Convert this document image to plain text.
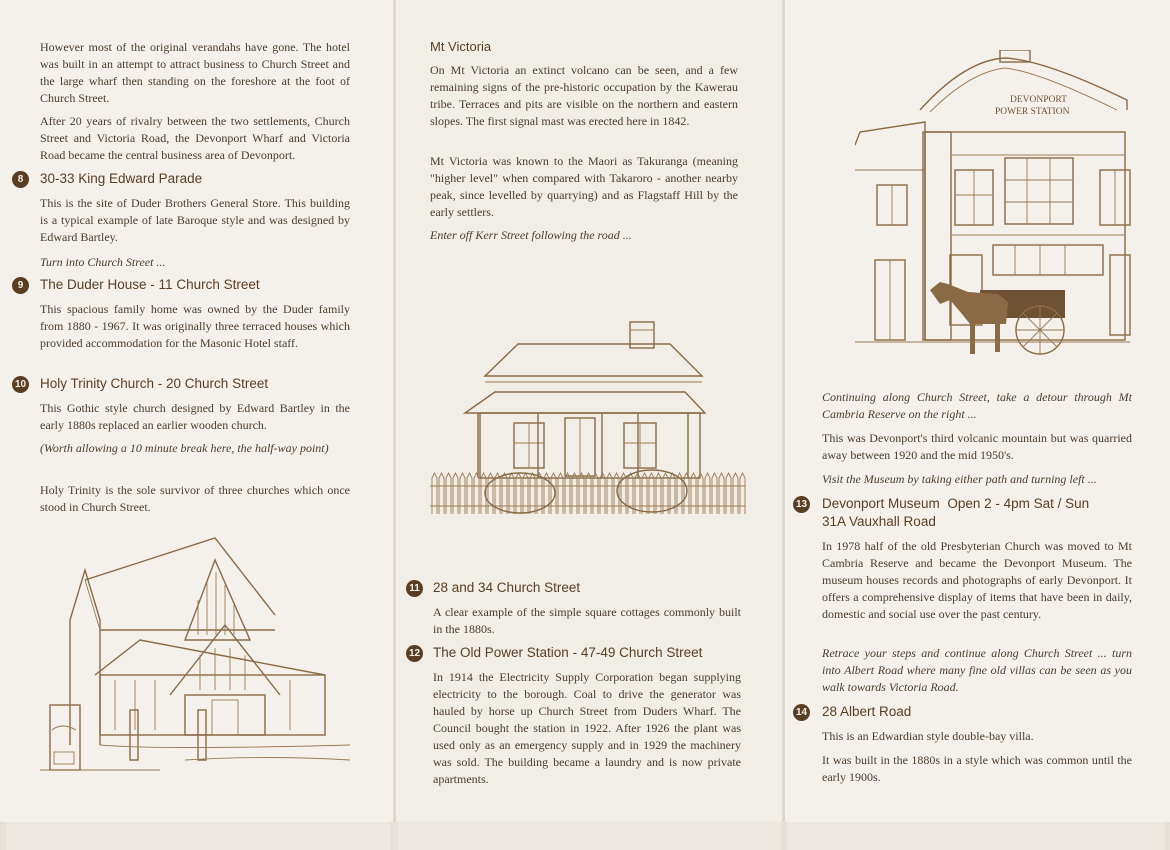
However most of the original verandahs have gone. The hotel was built in an attempt to attract business to Church Street and the large wharf then standing on the foreshore at the foot of Church Street.

After 20 years of rivalry between the two settlements, Church Street and Victoria Road, the Devonport Wharf and Victoria Road became the central business area of Devonport.

8	30-33 King Edward Parade

This is the site of Duder Brothers General Store. This building is a typical example of late Baroque style and was designed by Edward Bartley.

Turn into Church Street ...

9	The Duder House - 11 Church Street

This spacious family home was owned by the Duder family from 1880 - 1967. It was originally three terraced houses which provided accommodation for the Masonic Hotel staff.

10 Holy Trinity Church - 20 Church Street

This Gothic style church designed by Edward Bartley in the early 1880s replaced an earlier wooden church.

(Worth allowing a 10 minute break here, the half-way point)

Holy Trinity is the sole survivor of three churches which once stood in Church Street.

Mt Victoria

On Mt Victoria an extinct volcano can be seen, and a few remaining signs of the pre-historic occupation by the Kawerau tribe. Terraces and pits are visible on the northern and eastern slopes. The first signal mast was erected here in 1842.

Mt Victoria was known to the Maori as Takuranga (meaning "higher level" when compared with Takaroro - another nearby peak, since levelled by quarrying) and as Flagstaff Hill by the early settlers.

Enter off Kerr Street following the road ...

11 28 and 34 Church Street

A clear example of the simple square cottages commonly built in the 1880s.

12 The Old Power Station - 47-49 Church Street

In 1914 the Electricity Supply Corporation began supplying electricity to the borough. Coal to drive the generator was hauled by horse up Church Street from Duders Wharf. The Council bought the station in 1922. After 1926 the plant was used only as an emergency supply and in 1929 the machinery was sold. The building became a laundry and is now private apartments.

DEVONPORT
POWER STATION

Continuing along Church Street, take a detour through Mt Cambria Reserve on the right ...

This was Devonport's third volcanic mountain but was quarried away between 1920 and the mid 1950's.

Visit the Museum by taking either path and turning left ...

13 Devonport Museum Open 2 - 4pm Sat / Sun
31A Vauxhall Road

In 1978 half of the old Presbyterian Church was moved to Mt Cambria Reserve and became the Devonport Museum. The museum houses records and photographs of early Devonport. It offers a comprehensive display of items that have been in daily, domestic and social use over the past century.

Retrace your steps and continue along Church Street ... turn into Albert Road where many fine old villas can be seen as you walk towards Victoria Road.

14 28 Albert Road

This is an Edwardian style double-bay villa.

It was built in the 1880s in a style which was common until the early 1900s.
